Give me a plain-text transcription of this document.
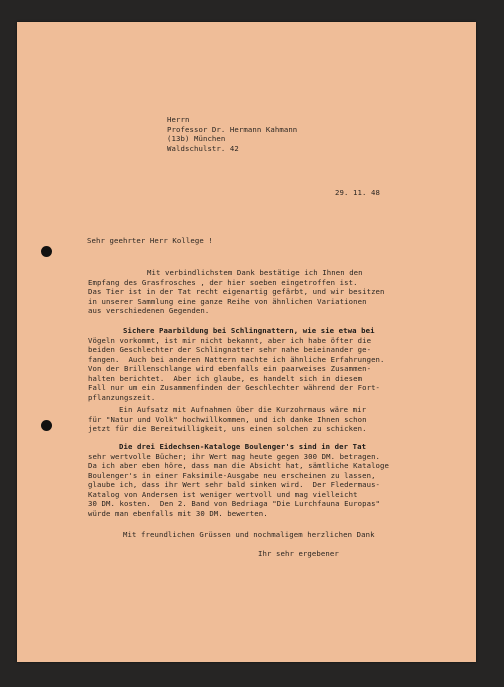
Herrn

Professor Dr. Hermann Kahmann

(13b) München

Waldschulstr. 42

29. 11. 48

Sehr geehrter Herr Kollege !

Mit verbindlichstem Dank bestätige ich Ihnen den

Empfang des Grasfrosches , der hier soeben eingetroffen ist.

Das Tier ist in der Tat recht eigenartig gefärbt, und wir besitzen

in unserer Sammlung eine ganze Reihe von ähnlichen Variationen

aus verschiedenen Gegenden.

Sichere Paarbildung bei Schlingnattern, wie sie etwa bei

Vögeln vorkommt, ist mir nicht bekannt, aber ich habe öfter die

beiden Geschlechter der Schlingnatter sehr nahe beieinander ge-

fangen.  Auch bei anderen Nattern machte ich ähnliche Erfahrungen.

Von der Brillenschlange wird ebenfalls ein paarweises Zusammen-

halten berichtet.  Aber ich glaube, es handelt sich in diesem

Fall nur um ein Zusammenfinden der Geschlechter während der Fort-

pflanzungszeit.

Ein Aufsatz mit Aufnahmen über die Kurzohrmaus wäre mir

für "Natur und Volk" hochwillkommen, und ich danke Ihnen schon

jetzt für die Bereitwilligkeit, uns einen solchen zu schicken.

Die drei Eidechsen-Kataloge Boulenger's sind in der Tat

sehr wertvolle Bücher; ihr Wert mag heute gegen 300 DM. betragen.

Da ich aber eben höre, dass man die Absicht hat, sämtliche Kataloge

Boulenger's in einer Faksimile-Ausgabe neu erscheinen zu lassen,

glaube ich, dass ihr Wert sehr bald sinken wird.  Der Fledermaus-

Katalog von Andersen ist weniger wertvoll und mag vielleicht

30 DM. kosten.  Den 2. Band von Bedriaga "Die Lurchfauna Europas"

würde man ebenfalls mit 30 DM. bewerten.

Mit freundlichen Grüssen und nochmaligem herzlichen Dank

Ihr sehr ergebener
